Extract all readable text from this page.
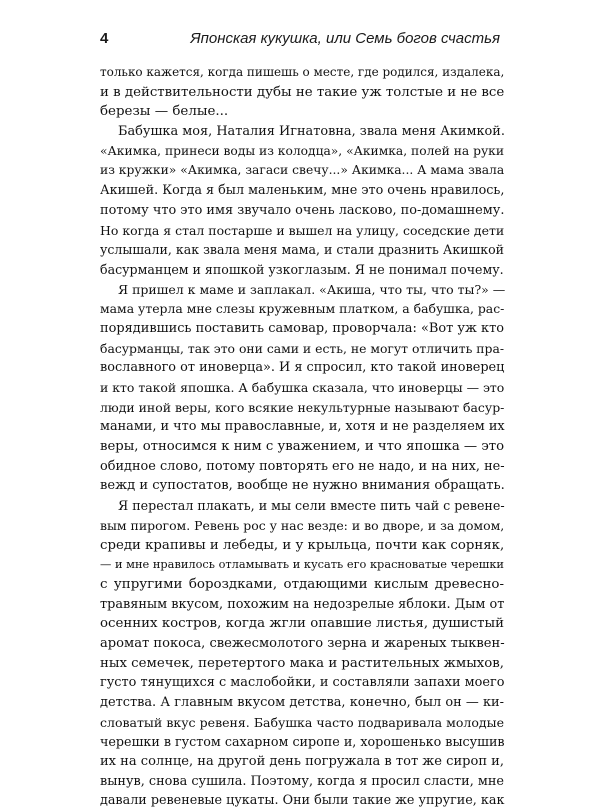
4	Японская кукушка, или Семь богов счастья
только кажется, когда пишешь о месте, где родился, издалека,
и в действительности дубы не такие уж толстые и не все
березы — белые...
Бабушка моя, Наталия Игнатовна, звала меня Акимкой.
«Акимка, принеси воды из колодца», «Акимка, полей на руки
из кружки» «Акимка, загаси свечу...» Акимка... А мама звала
Акишей. Когда я был маленьким, мне это очень нравилось,
потому что это имя звучало очень ласково, по-домашнему.
Но когда я стал постарше и вышел на улицу, соседские дети
услышали, как звала меня мама, и стали дразнить Акишкой
басурманцем и япошкой узкоглазым. Я не понимал почему.
Я пришел к маме и заплакал. «Акиша, что ты, что ты?» —
мама утерла мне слезы кружевным платком, а бабушка, рас-
порядившись поставить самовар, проворчала: «Вот уж кто
басурманцы, так это они сами и есть, не могут отличить пра-
вославного от иноверца». И я спросил, кто такой иноверец
и кто такой япошка. А бабушка сказала, что иноверцы — это
люди иной веры, кого всякие некультурные называют басур-
манами, и что мы православные, и, хотя и не разделяем их
веры, относимся к ним с уважением, и что япошка — это
обидное слово, потому повторять его не надо, и на них, не-
вежд и супостатов, вообще не нужно внимания обращать.
Я перестал плакать, и мы сели вместе пить чай с ревене-
вым пирогом. Ревень рос у нас везде: и во дворе, и за домом,
среди крапивы и лебеды, и у крыльца, почти как сорняк,
— и мне нравилось отламывать и кусать его красноватые черешки
с упругими бороздками, отдающими кислым древесно-
травяным вкусом, похожим на недозрелые яблоки. Дым от
осенних костров, когда жгли опавшие листья, душистый
аромат покоса, свежесмолотого зерна и жареных тыквен-
ных семечек, перетертого мака и растительных жмыхов,
густо тянущихся с маслобойки, и составляли запахи моего
детства. А главным вкусом детства, конечно, был он — ки-
словатый вкус ревеня. Бабушка часто подваривала молодые
черешки в густом сахарном сиропе и, хорошенько высушив
их на солнце, на другой день погружала в тот же сироп и,
вынув, снова сушила. Поэтому, когда я просил сласти, мне
давали ревеневые цукаты. Они были такие же упругие, как
